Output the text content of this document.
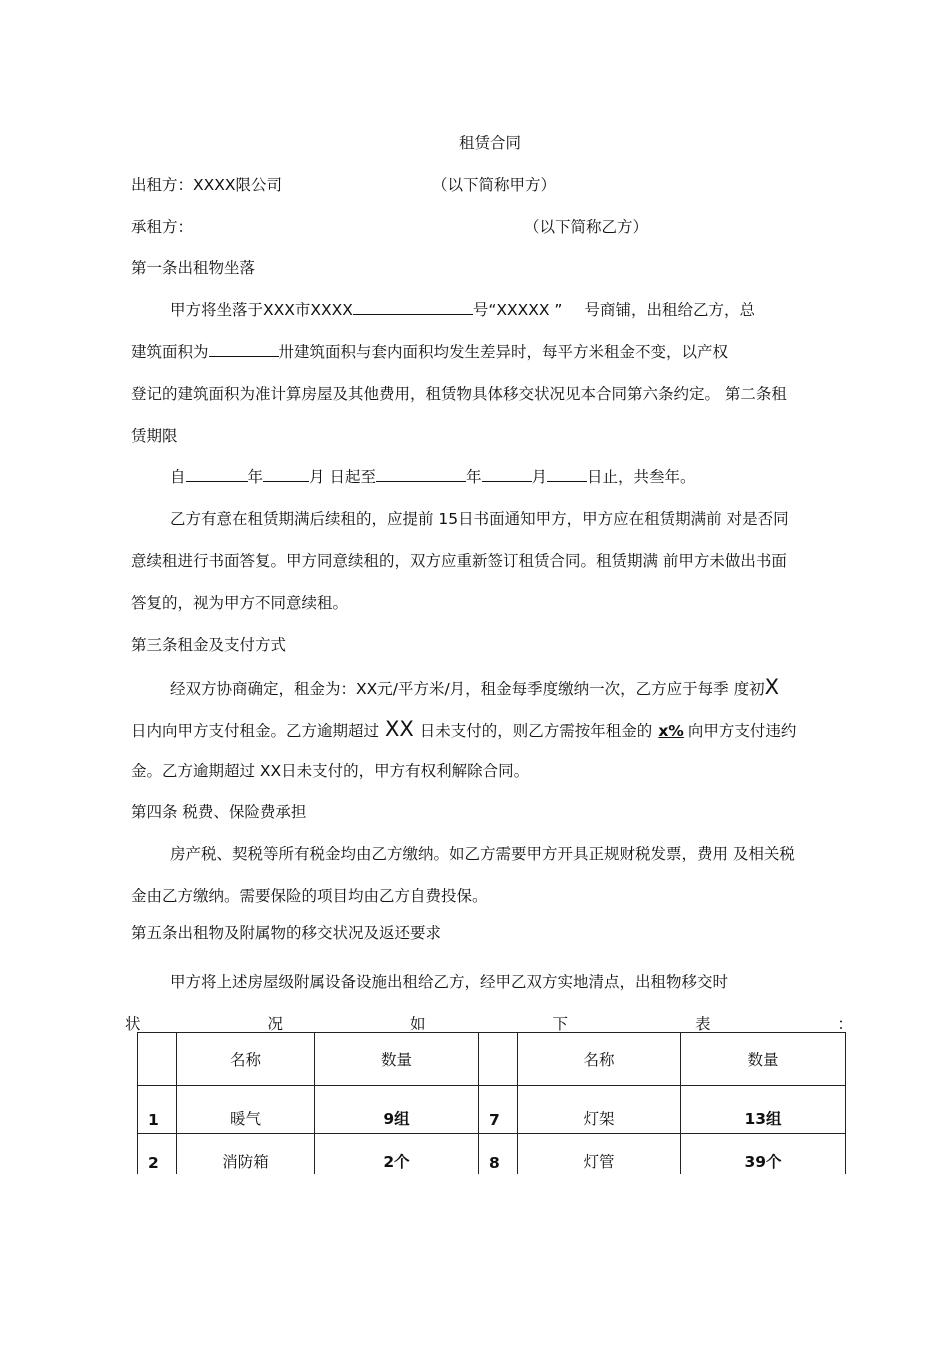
租赁合同
出租方：XXXX限公司	（以下简称甲方）
承租方：	（以下简称乙方）
第一条出租物坐落
甲方将坐落于XXX市XXXX	号“XXXXX ” 号商铺，出租给乙方，总
建筑面积为	卅建筑面积与套内面积均发生差异时，每平方米租金不变，以产权
登记的建筑面积为准计算房屋及其他费用，租赁物具体移交状况见本合同第六条约定。 第二条租
赁期限
自	年	月 日起至	年	月	日止，共叁年。
乙方有意在租赁期满后续租的，应提前 15日书面通知甲方，甲方应在租赁期满前 对是否同
意续租进行书面答复。甲方同意续租的，双方应重新签订租赁合同。租赁期满 前甲方未做出书面
答复的，视为甲方不同意续租。
第三条租金及支付方式
经双方协商确定，租金为：XX元/平方米/月，租金每季度缴纳一次，乙方应于每季 度初X
日内向甲方支付租金。乙方逾期超过 XX 日未支付的，则乙方需按年租金的 x% 向甲方支付违约
金。乙方逾期超过 XX日未支付的，甲方有权利解除合同。
第四条 税费、保险费承担
房产税、契税等所有税金均由乙方缴纳。如乙方需要甲方开具正规财税发票，费用 及相关税
金由乙方缴纳。需要保险的项目均由乙方自费投保。
第五条出租物及附属物的移交状况及返还要求
甲方将上述房屋级附属设备设施出租给乙方，经甲乙双方实地清点，出租物移交时
状	况	如	下	表	：
	名称	数量		名称	数量
1	暖气	9组	7	灯架	13组
2	消防箱	2个	8	灯管	39个
